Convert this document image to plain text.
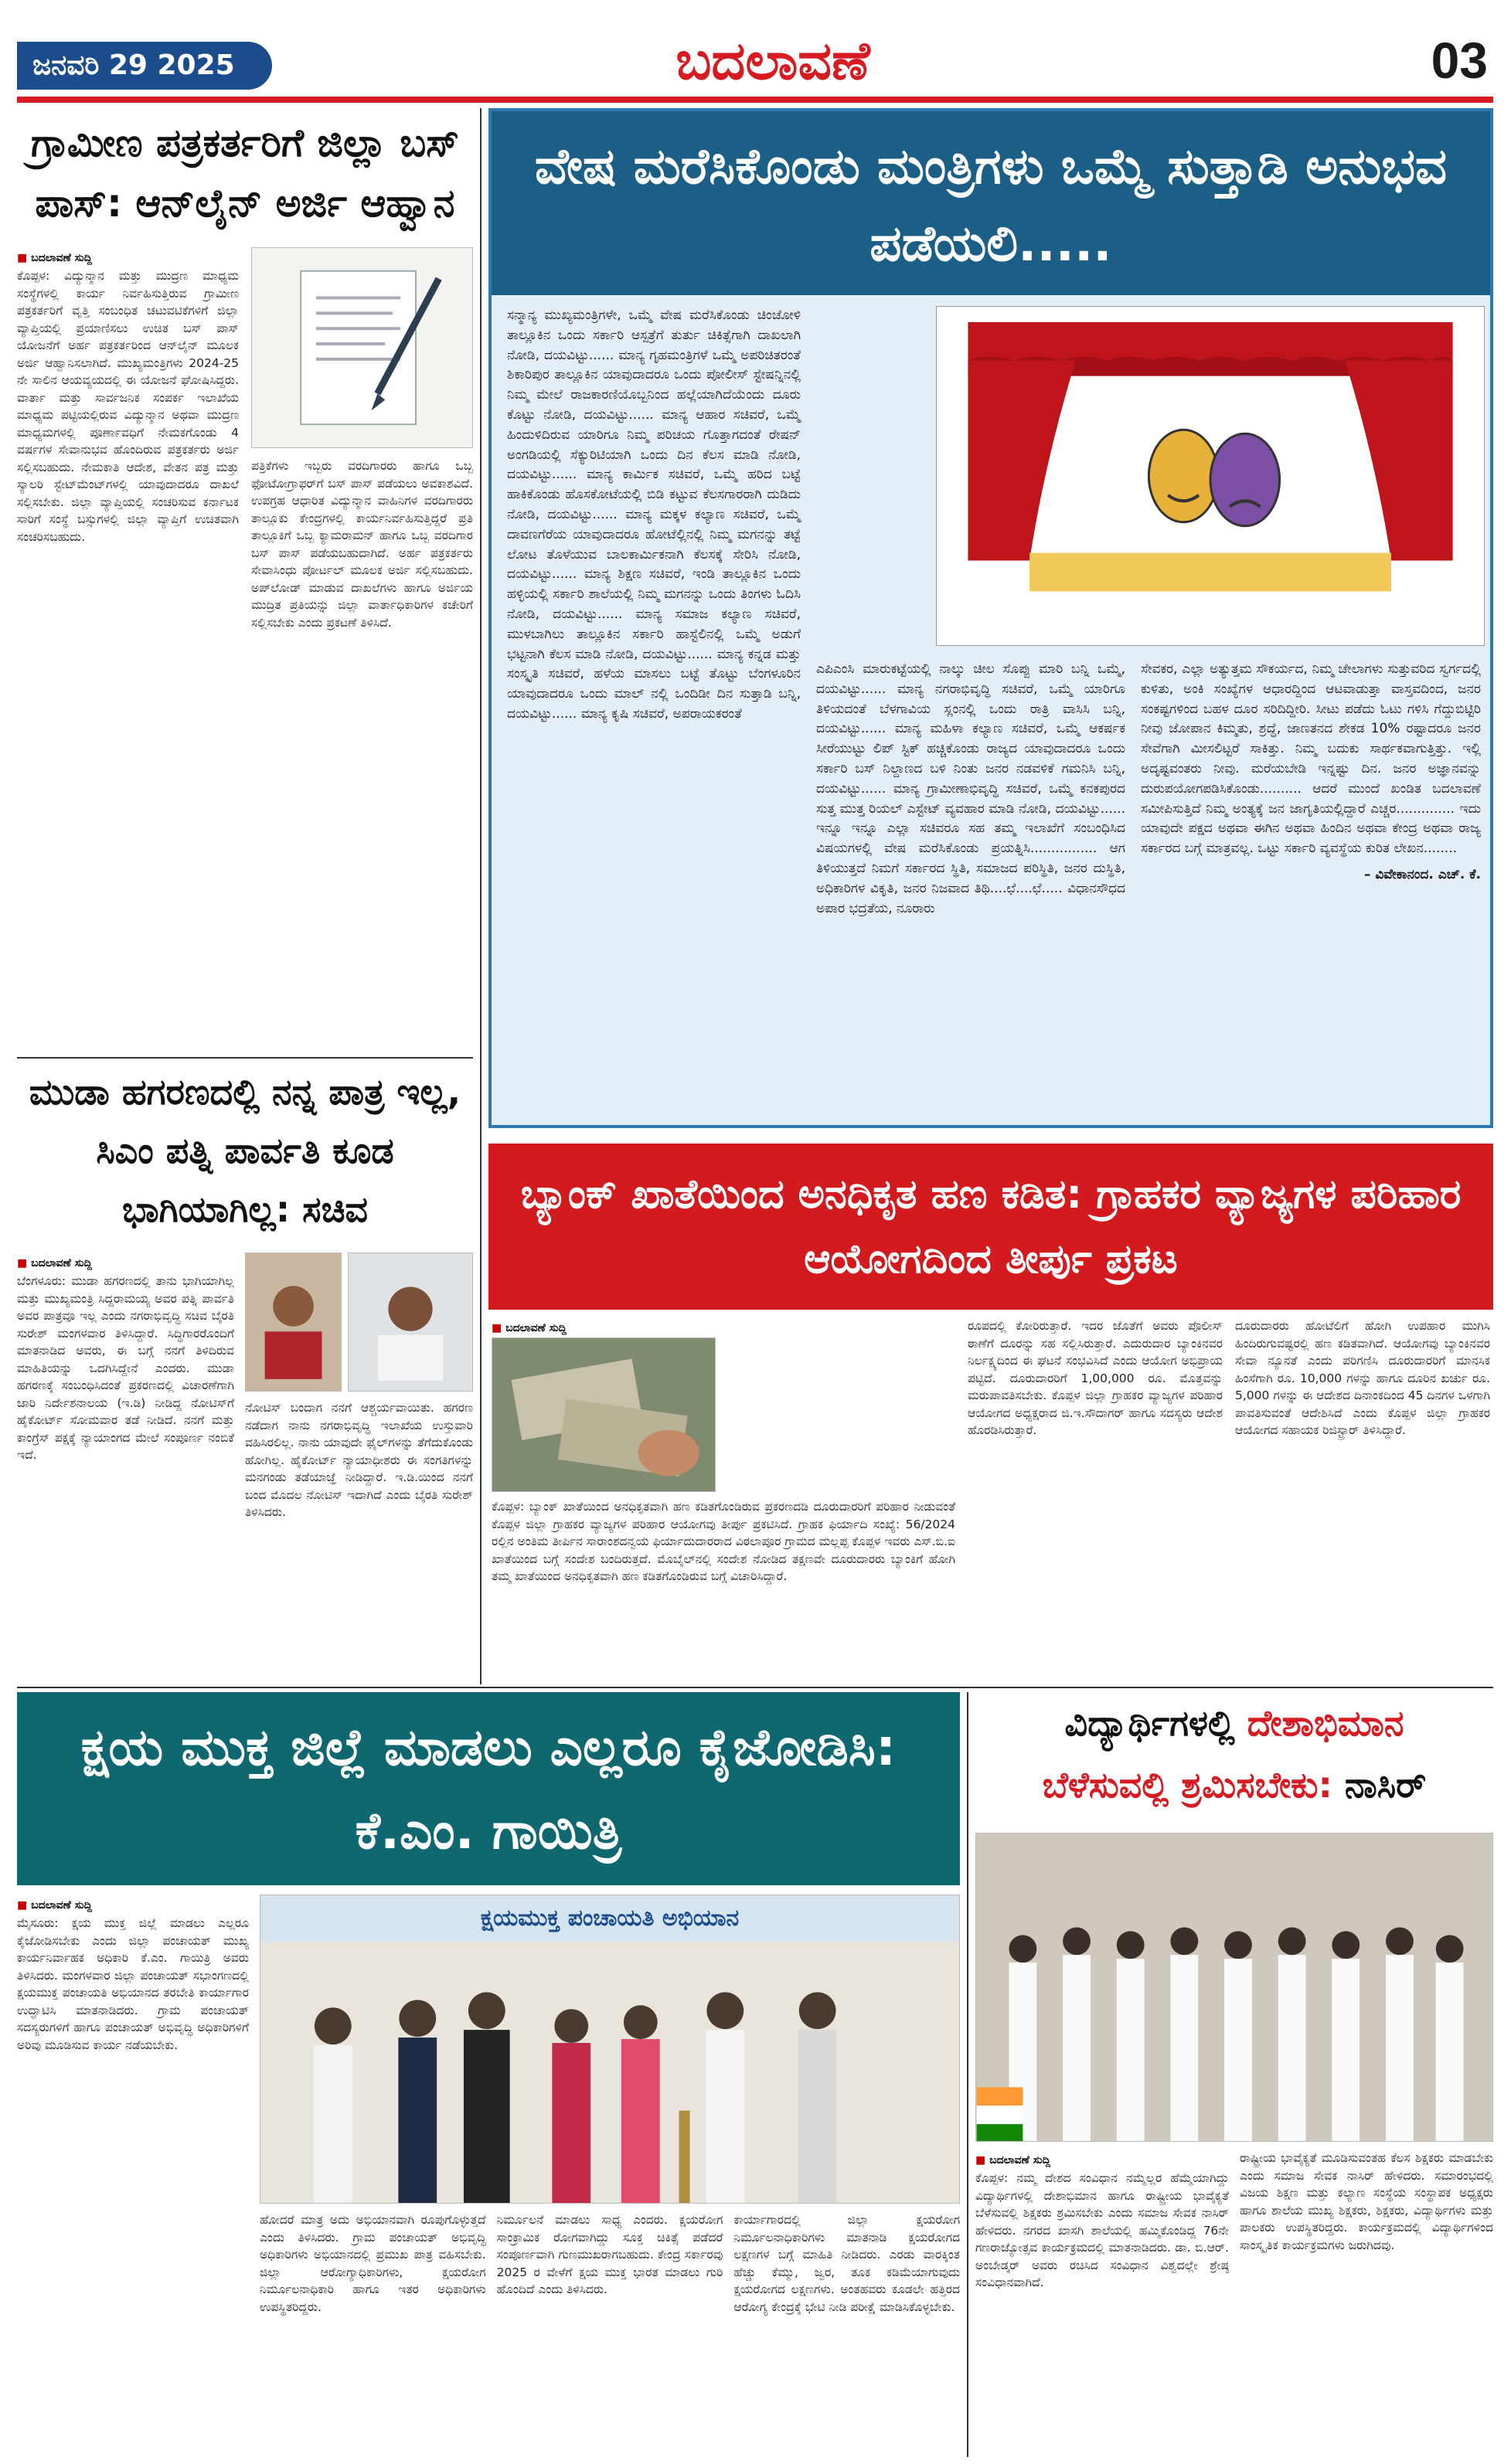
ಜನವರಿ 29 2025	ಬದಲಾವಣೆ	03
ಗ್ರಾಮೀಣ ಪತ್ರಕರ್ತರಿಗೆ ಜಿಲ್ಲಾ ಬಸ್ ಪಾಸ್: ಆನ್‌ಲೈನ್ ಅರ್ಜಿ ಆಹ್ವಾನ
■ ಬದಲಾವಣೆ ಸುದ್ದಿ
ಕೊಪ್ಪಳ: ವಿದ್ಯುನ್ಮಾನ ಮತ್ತು ಮುದ್ರಣ ಮಾಧ್ಯಮ ಸಂಸ್ಥೆಗಳಲ್ಲಿ ಕಾರ್ಯ ನಿರ್ವಹಿಸುತ್ತಿರುವ ಗ್ರಾಮೀಣ ಪತ್ರಕರ್ತರಿಗೆ ವೃತ್ತಿ ಸಂಬಂಧಿತ ಚಟುವಟಿಕೆಗಳಿಗೆ ಜಿಲ್ಲಾ ವ್ಯಾಪ್ತಿಯಲ್ಲಿ ಪ್ರಯಾಣಿಸಲು ಉಚಿತ ಬಸ್ ಪಾಸ್ ಯೋಜನೆಗೆ ಅರ್ಹ ಪತ್ರಕರ್ತರಿಂದ ಆನ್‌ಲೈನ್ ಮೂಲಕ ಅರ್ಜಿ ಆಹ್ವಾನಿಸಲಾಗಿದೆ. ಮುಖ್ಯಮಂತ್ರಿಗಳು 2024-25 ನೇ ಸಾಲಿನ ಆಯವ್ಯಯದಲ್ಲಿ ಈ ಯೋಜನೆ ಘೋಷಿಸಿದ್ದರು. ವಾರ್ತಾ ಮತ್ತು ಸಾರ್ವಜನಿಕ ಸಂಪರ್ಕ ಇಲಾಖೆಯ ಮಾಧ್ಯಮ ಪಟ್ಟಿಯಲ್ಲಿರುವ ವಿದ್ಯುನ್ಮಾನ ಅಥವಾ ಮುದ್ರಣ ಮಾಧ್ಯಮಗಳಲ್ಲಿ ಪೂರ್ಣಾವಧಿಗೆ ನೇಮಕಗೊಂಡು 4 ವರ್ಷಗಳ ಸೇವಾನುಭವ ಹೊಂದಿರುವ ಪತ್ರಕರ್ತರು ಅರ್ಜಿ ಸಲ್ಲಿಸಬಹುದು. ನೇಮಕಾತಿ ಆದೇಶ, ವೇತನ ಪತ್ರ ಮತ್ತು ಸ್ಯಾಲರಿ ಸ್ಟೇಟ್‌ಮೆಂಟ್‌ಗಳಲ್ಲಿ ಯಾವುದಾದರೂ ದಾಖಲೆ ಸಲ್ಲಿಸಬೇಕು. ಜಿಲ್ಲಾ ವ್ಯಾಪ್ತಿಯಲ್ಲಿ ಸಂಚರಿಸುವ ಕರ್ನಾಟಕ ಸಾರಿಗೆ ಸಂಸ್ಥೆ ಬಸ್ಸುಗಳಲ್ಲಿ ಜಿಲ್ಲಾ ವ್ಯಾಪ್ತಿಗೆ ಉಚಿತವಾಗಿ ಸಂಚರಿಸಬಹುದು.
ಪತ್ರಿಕೆಗಳು ಇಬ್ಬರು ವರದಿಗಾರರು ಹಾಗೂ ಒಬ್ಬ ಫೋಟೋಗ್ರಾಫರ್‌ಗೆ ಬಸ್ ಪಾಸ್ ಪಡೆಯಲು ಅವಕಾಶವಿದೆ. ಉಪಗ್ರಹ ಆಧಾರಿತ ವಿದ್ಯುನ್ಮಾನ ವಾಹಿನಿಗಳ ವರದಿಗಾರರು ತಾಲ್ಲೂಕು ಕೇಂದ್ರಗಳಲ್ಲಿ ಕಾರ್ಯನಿರ್ವಹಿಸುತ್ತಿದ್ದರೆ ಪ್ರತಿ ತಾಲ್ಲೂಕಿಗೆ ಒಬ್ಬ ಕ್ಯಾಮರಾಮನ್ ಹಾಗೂ ಒಬ್ಬ ವರದಿಗಾರ ಬಸ್ ಪಾಸ್ ಪಡೆಯಬಹುದಾಗಿದೆ. ಅರ್ಹ ಪತ್ರಕರ್ತರು ಸೇವಾಸಿಂಧು ಪೋರ್ಟಲ್ ಮೂಲಕ ಅರ್ಜಿ ಸಲ್ಲಿಸಬಹುದು. ಅಪ್‌ಲೋಡ್ ಮಾಡುವ ದಾಖಲೆಗಳು ಹಾಗೂ ಅರ್ಜಿಯ ಮುದ್ರಿತ ಪ್ರತಿಯನ್ನು ಜಿಲ್ಲಾ ವಾರ್ತಾಧಿಕಾರಿಗಳ ಕಚೇರಿಗೆ ಸಲ್ಲಿಸಬೇಕು ಎಂದು ಪ್ರಕಟಣೆ ತಿಳಿಸಿದೆ.
ವೇಷ ಮರೆಸಿಕೊಂಡು ಮಂತ್ರಿಗಳು ಒಮ್ಮೆ ಸುತ್ತಾಡಿ ಅನುಭವ ಪಡೆಯಲಿ.....
ಸನ್ಮಾನ್ಯ ಮುಖ್ಯಮಂತ್ರಿಗಳೇ, ಒಮ್ಮೆ ವೇಷ ಮರೆಸಿಕೊಂಡು ಚಿಂಚೋಳಿ ತಾಲ್ಲೂಕಿನ ಒಂದು ಸರ್ಕಾರಿ ಆಸ್ಪತ್ರೆಗೆ ತುರ್ತು ಚಿಕಿತ್ಸೆಗಾಗಿ ದಾಖಲಾಗಿ ನೋಡಿ, ದಯವಿಟ್ಟು...... ಮಾನ್ಯ ಗೃಹಮಂತ್ರಿಗಳೆ ಒಮ್ಮೆ ಅಪರಿಚಿತರಂತೆ ಶಿಕಾರಿಪುರ ತಾಲ್ಲೂಕಿನ ಯಾವುದಾದರೂ ಒಂದು ಪೋಲೀಸ್ ಸ್ಟೇಷನ್ನಿನಲ್ಲಿ ನಿಮ್ಮ ಮೇಲೆ ರಾಜಕಾರಣಿಯೊಬ್ಬನಿಂದ ಹಲ್ಲೆಯಾಗಿದೆಯೆಂದು ದೂರು ಕೊಟ್ಟು ನೋಡಿ, ದಯವಿಟ್ಟು...... ಮಾನ್ಯ ಆಹಾರ ಸಚಿವರೆ, ಒಮ್ಮೆ ಹಿಂದುಳಿದಿರುವ ಯಾರಿಗೂ ನಿಮ್ಮ ಪರಿಚಯ ಗೊತ್ತಾಗದಂತೆ ರೇಷನ್ ಅಂಗಡಿಯಲ್ಲಿ ಸೆಕ್ಯುರಿಟಿಯಾಗಿ ಒಂದು ದಿನ ಕೆಲಸ ಮಾಡಿ ನೋಡಿ, ದಯವಿಟ್ಟು...... ಮಾನ್ಯ ಕಾರ್ಮಿಕ ಸಚಿವರೆ, ಒಮ್ಮೆ ಹರಿದ ಬಟ್ಟೆ ಹಾಕಿಕೊಂಡು ಹೊಸಕೋಟೆಯಲ್ಲಿ ಬಿಡಿ ಕಟ್ಟುವ ಕೆಲಸಗಾರರಾಗಿ ದುಡಿದು ನೋಡಿ, ದಯವಿಟ್ಟು...... ಮಾನ್ಯ ಮಕ್ಕಳ ಕಲ್ಯಾಣ ಸಚಿವರೆ, ಒಮ್ಮೆ ದಾವಣಗೆರೆಯ ಯಾವುದಾದರೂ ಹೋಟೆಲ್ಲಿನಲ್ಲಿ ನಿಮ್ಮ ಮಗನನ್ನು ತಟ್ಟೆ ಲೋಟ ತೊಳೆಯುವ ಬಾಲಕಾರ್ಮಿಕನಾಗಿ ಕೆಲಸಕ್ಕೆ ಸೇರಿಸಿ ನೋಡಿ, ದಯವಿಟ್ಟು...... ಮಾನ್ಯ ಶಿಕ್ಷಣ ಸಚಿವರೆ, ಇಂಡಿ ತಾಲ್ಲೂಕಿನ ಒಂದು ಹಳ್ಳಿಯಲ್ಲಿ ಸರ್ಕಾರಿ ಶಾಲೆಯಲ್ಲಿ ನಿಮ್ಮ ಮಗನನ್ನು ಒಂದು ತಿಂಗಳು ಓದಿಸಿ ನೋಡಿ, ದಯವಿಟ್ಟು...... ಮಾನ್ಯ ಸಮಾಜ ಕಲ್ಯಾಣ ಸಚಿವರೆ, ಮುಳಬಾಗಿಲು ತಾಲ್ಲೂಕಿನ ಸರ್ಕಾರಿ ಹಾಸ್ಟೆಲಿನಲ್ಲಿ ಒಮ್ಮೆ ಅಡುಗೆ ಭಟ್ಟನಾಗಿ ಕೆಲಸ ಮಾಡಿ ನೋಡಿ, ದಯವಿಟ್ಟು...... ಮಾನ್ಯ ಕನ್ನಡ ಮತ್ತು ಸಂಸ್ಕೃತಿ ಸಚಿವರೆ, ಹಳೆಯ ಮಾಸಲು ಬಟ್ಟೆ ತೊಟ್ಟು ಬೆಂಗಳೂರಿನ ಯಾವುದಾದರೂ ಒಂದು ಮಾಲ್ ನಲ್ಲಿ ಒಂದಿಡೀ ದಿನ ಸುತ್ತಾಡಿ ಬನ್ನಿ, ದಯವಿಟ್ಟು...... ಮಾನ್ಯ ಕೃಷಿ ಸಚಿವರೆ, ಅಪರಾಯಕರಂತೆ
ಎಪಿಎಂಸಿ ಮಾರುಕಟ್ಟೆಯಲ್ಲಿ ನಾಲ್ಕು ಚೀಲ ಸೊಪ್ಪು ಮಾರಿ ಬನ್ನಿ ಒಮ್ಮೆ, ದಯವಿಟ್ಟು...... ಮಾನ್ಯ ನಗರಾಭಿವೃದ್ಧಿ ಸಚಿವರೆ, ಒಮ್ಮೆ ಯಾರಿಗೂ ತಿಳಿಯದಂತೆ ಬೆಳಗಾವಿಯ ಸ್ಲಂನಲ್ಲಿ ಒಂದು ರಾತ್ರಿ ವಾಸಿಸಿ ಬನ್ನಿ, ದಯವಿಟ್ಟು...... ಮಾನ್ಯ ಮಹಿಳಾ ಕಲ್ಯಾಣ ಸಚಿವರೆ, ಒಮ್ಮೆ ಆಕರ್ಷಕ ಸೀರೆಯುಟ್ಟು ಲಿಪ್ ಸ್ಟಿಕ್ ಹಚ್ಚಿಕೊಂಡು ರಾಜ್ಯದ ಯಾವುದಾದರೂ ಒಂದು ಸರ್ಕಾರಿ ಬಸ್ ನಿಲ್ದಾಣದ ಬಳಿ ನಿಂತು ಜನರ ನಡವಳಿಕೆ ಗಮನಿಸಿ ಬನ್ನಿ, ದಯವಿಟ್ಟು...... ಮಾನ್ಯ ಗ್ರಾಮೀಣಾಭಿವೃದ್ಧಿ ಸಚಿವರೆ, ಒಮ್ಮೆ ಕನಕಪುರದ ಸುತ್ತ ಮುತ್ತ ರಿಯಲ್ ಎಸ್ಟೇಟ್ ವ್ಯವಹಾರ ಮಾಡಿ ನೋಡಿ, ದಯವಿಟ್ಟು...... ಇನ್ನೂ ಇನ್ನೂ ಎಲ್ಲಾ ಸಚಿವರೂ ಸಹ ತಮ್ಮ ಇಲಾಖೆಗೆ ಸಂಬಂಧಿಸಿದ ವಿಷಯಗಳಲ್ಲಿ ವೇಷ ಮರೆಸಿಕೊಂಡು ಪ್ರಯತ್ನಿಸಿ................ ಆಗ ತಿಳಿಯುತ್ತದೆ ನಿಮಗೆ ಸರ್ಕಾರದ ಸ್ಥಿತಿ, ಸಮಾಜದ ಪರಿಸ್ಥಿತಿ, ಜನರ ದುಸ್ಥಿತಿ, ಅಧಿಕಾರಿಗಳ ವಿಕೃತಿ, ಜನರ ನಿಜವಾದ ತಿಥಿ....ಛೆ....ಛೆ..... ವಿಧಾನಸೌಧದ ಅಪಾರ ಭದ್ರತೆಯ, ನೂರಾರು
ಸೇವಕರ, ಎಲ್ಲಾ ಅತ್ಯುತ್ತಮ ಸೌಕರ್ಯದ, ನಿಮ್ಮ ಚೇಲಾಗಳು ಸುತ್ತುವರಿದ ಸ್ವರ್ಗದಲ್ಲಿ ಕುಳಿತು, ಅಂಕಿ ಸಂಖ್ಯೆಗಳ ಆಧಾರದ್ದಿಂದ ಆಟವಾಡುತ್ತಾ ವಾಸ್ತವದಿಂದ, ಜನರ ಸಂಕಷ್ಟಗಳಿಂದ ಬಹಳ ದೂರ ಸರಿದಿದ್ದೀರಿ. ಸೀಟು ಪಡೆದು ಓಟು ಗಳಿಸಿ ಗೆದ್ದುಬಿಟ್ಟಿರಿ ನೀವು ಜೋಪಾನ ಕಿಮ್ಮತು, ಶ್ರದ್ಧೆ, ಜಾಣತನದ ಶೇಕಡ 10% ರಷ್ಟಾದರೂ ಜನರ ಸೇವೆಗಾಗಿ ಮೀಸಲಿಟ್ಟರೆ ಸಾಕಿತ್ತು. ನಿಮ್ಮ ಬದುಕು ಸಾರ್ಥಕವಾಗುತ್ತಿತ್ತು. ಇಲ್ಲಿ ಅದೃಷ್ಟವಂತರು ನೀವು. ಮರೆಯಬೇಡಿ ಇನ್ನಷ್ಟು ದಿನ. ಜನರ ಅಜ್ಞಾನವನ್ನು ದುರುಪಯೋಗಪಡಿಸಿಕೊಂಡು.......... ಆದರೆ ಮುಂದೆ ಖಂಡಿತ ಬದಲಾವಣೆ ಸಮೀಪಿಸುತ್ತಿದೆ ನಿಮ್ಮ ಅಂತ್ಯಕ್ಕೆ ಜನ ಜಾಗೃತಿಯಲ್ಲಿದ್ದಾರೆ ಎಚ್ಚರ.............. ಇದು ಯಾವುದೇ ಪಕ್ಷದ ಅಥವಾ ಈಗಿನ ಅಥವಾ ಹಿಂದಿನ ಅಥವಾ ಕೇಂದ್ರ ಅಥವಾ ರಾಜ್ಯ ಸರ್ಕಾರದ ಬಗ್ಗೆ ಮಾತ್ರವಲ್ಲ. ಒಟ್ಟು ಸರ್ಕಾರಿ ವ್ಯವಸ್ಥೆಯ ಕುರಿತ ಲೇಖನ........
– ವಿವೇಕಾನಂದ. ಎಚ್. ಕೆ.
ಮುಡಾ ಹಗರಣದಲ್ಲಿ ನನ್ನ ಪಾತ್ರ ಇಲ್ಲ, ಸಿಎಂ ಪತ್ನಿ ಪಾರ್ವತಿ ಕೂಡ ಭಾಗಿಯಾಗಿಲ್ಲ: ಸಚಿವ
■ ಬದಲಾವಣೆ ಸುದ್ದಿ
ಬೆಂಗಳೂರು: ಮುಡಾ ಹಗರಣದಲ್ಲಿ ತಾನು ಭಾಗಿಯಾಗಿಲ್ಲ ಮತ್ತು ಮುಖ್ಯಮಂತ್ರಿ ಸಿದ್ದರಾಮಯ್ಯ ಅವರ ಪತ್ನಿ ಪಾರ್ವತಿ ಅವರ ಪಾತ್ರವೂ ಇಲ್ಲ ಎಂದು ನಗರಾಭಿವೃದ್ಧಿ ಸಚಿವ ಬೈರತಿ ಸುರೇಶ್ ಮಂಗಳವಾರ ತಿಳಿಸಿದ್ದಾರೆ. ಸಿದ್ಧಿಗಾರರೊಂದಿಗೆ ಮಾತನಾಡಿದ ಅವರು, ಈ ಬಗ್ಗೆ ನನಗೆ ತಿಳಿದಿರುವ ಮಾಹಿತಿಯನ್ನು ಒದಗಿಸಿದ್ದೇನೆ ಎಂದರು. ಮುಡಾ ಹಗರಣಕ್ಕೆ ಸಂಬಂಧಿಸಿದಂತೆ ಪ್ರಕರಣದಲ್ಲಿ ವಿಚಾರಣೆಗಾಗಿ ಜಾರಿ ನಿರ್ದೇಶನಾಲಯ (ಇ.ಡಿ) ನೀಡಿದ್ದ ನೋಟಿಸ್‌ಗೆ ಹೈಕೋರ್ಟ್ ಸೋಮವಾರ ತಡೆ ನೀಡಿದೆ. ನನಗೆ ಮತ್ತು ಕಾಂಗ್ರೆಸ್ ಪಕ್ಷಕ್ಕೆ ನ್ಯಾಯಾಂಗದ ಮೇಲೆ ಸಂಪೂರ್ಣ ನಂಬಿಕೆ ಇದೆ.
ನೋಟಿಸ್ ಬಂದಾಗ ನನಗೆ ಆಶ್ಚರ್ಯವಾಯಿತು. ಹಗರಣ ನಡೆದಾಗ ನಾನು ನಗರಾಭಿವೃದ್ಧಿ ಇಲಾಖೆಯ ಉಸ್ತುವಾರಿ ವಹಿಸಿರಲಿಲ್ಲ. ನಾನು ಯಾವುದೇ ಫೈಲ್‌ಗಳನ್ನು ತೆಗೆದುಕೊಂಡು ಹೋಗಿಲ್ಲ. ಹೈಕೋರ್ಟ್ ನ್ಯಾಯಾಧೀಶರು ಈ ಸಂಗತಿಗಳನ್ನು ಮನಗಂಡು ತಡೆಯಾಜ್ಞೆ ನೀಡಿದ್ದಾರೆ. ಇ.ಡಿ.ಯಿಂದ ನನಗೆ ಬಂದ ಮೊದಲ ನೋಟಿಸ್ ಇದಾಗಿದೆ ಎಂದು ಬೈರತಿ ಸುರೇಶ್ ತಿಳಿಸಿದರು.
ಬ್ಯಾಂಕ್ ಖಾತೆಯಿಂದ ಅನಧಿಕೃತ ಹಣ ಕಡಿತ: ಗ್ರಾಹಕರ ವ್ಯಾಜ್ಯಗಳ ಪರಿಹಾರ ಆಯೋಗದಿಂದ ತೀರ್ಪು ಪ್ರಕಟ
■ ಬದಲಾವಣೆ ಸುದ್ದಿ
ಕೊಪ್ಪಳ: ಬ್ಯಾಂಕ್ ಖಾತೆಯಿಂದ ಅನಧಿಕೃತವಾಗಿ ಹಣ ಕಡಿತಗೊಂಡಿರುವ ಪ್ರಕರಣದಡಿ ದೂರುದಾರರಿಗೆ ಪರಿಹಾರ ನೀಡುವಂತೆ ಕೊಪ್ಪಳ ಜಿಲ್ಲಾ ಗ್ರಾಹಕರ ವ್ಯಾಜ್ಯಗಳ ಪರಿಹಾರ ಆಯೋಗವು ತೀರ್ಪು ಪ್ರಕಟಿಸಿದೆ. ಗ್ರಾಹಕ ಫಿರ್ಯಾದಿ ಸಂಖ್ಯೆ: 56/2024 ರಲ್ಲಿನ ಅಂತಿಮ ತೀರ್ಪಿನ ಸಾರಾಂಶದನ್ವಯ ಫಿರ್ಯಾದುದಾರರಾದ ವಿಠಲಾಪೂರ ಗ್ರಾಮದ ಮಲ್ಲಪ್ಪ ಕೊಪ್ಪಳ ಇವರು ಎಸ್.ಬಿ.ಐ ಖಾತೆಯಿಂದ ಬಗ್ಗೆ ಸಂದೇಶ ಬಂದಿರುತ್ತದೆ. ಮೊಬೈಲ್‌ನಲ್ಲಿ ಸಂದೇಶ ನೋಡಿದ ತಕ್ಷಣವೇ ದೂರುದಾರರು ಬ್ಯಾಂಕಿಗೆ ಹೋಗಿ ತಮ್ಮ ಖಾತೆಯಿಂದ ಅನಧಿಕೃತವಾಗಿ ಹಣ ಕಡಿತಗೊಂಡಿರುವ ಬಗ್ಗೆ ವಿಚಾರಿಸಿದ್ದಾರೆ.
ರೂಪದಲ್ಲಿ ಕೋರಿರುತ್ತಾರೆ. ಇದರ ಜೊತೆಗೆ ಅವರು ಪೊಲೀಸ್ ಠಾಣೆಗೆ ದೂರನ್ನು ಸಹ ಸಲ್ಲಿಸಿರುತ್ತಾರೆ. ಎದುರುದಾರ ಬ್ಯಾಂಕಿನವರ ನಿರ್ಲಕ್ಷ್ಯದಿಂದ ಈ ಘಟನೆ ಸಂಭವಿಸಿದೆ ಎಂದು ಆಯೋಗ ಅಭಿಪ್ರಾಯ ಪಟ್ಟಿದೆ. ದೂರುದಾರರಿಗೆ 1,00,000 ರೂ. ಮೊತ್ತವನ್ನು ಮರುಪಾವತಿಸಬೇಕು. ಕೊಪ್ಪಳ ಜಿಲ್ಲಾ ಗ್ರಾಹಕರ ವ್ಯಾಜ್ಯಗಳ ಪರಿಹಾರ ಆಯೋಗದ ಅಧ್ಯಕ್ಷರಾದ ಜಿ.ಇ.ಸೌದಾಗರ್ ಹಾಗೂ ಸದಸ್ಯರು ಆದೇಶ ಹೊರಡಿಸಿರುತ್ತಾರೆ.
ದೂರುದಾರರು ಹೋಟೆಲಿಗೆ ಹೋಗಿ ಉಪಹಾರ ಮುಗಿಸಿ ಹಿಂದಿರುಗುವಷ್ಟರಲ್ಲಿ ಹಣ ಕಡಿತವಾಗಿದೆ. ಆಯೋಗವು ಬ್ಯಾಂಕಿನವರ ಸೇವಾ ನ್ಯೂನತೆ ಎಂದು ಪರಿಗಣಿಸಿ ದೂರುದಾರರಿಗೆ ಮಾನಸಿಕ ಹಿಂಸೆಗಾಗಿ ರೂ. 10,000 ಗಳನ್ನು ಹಾಗೂ ದೂರಿನ ಖರ್ಚು ರೂ. 5,000 ಗಳನ್ನು ಈ ಆದೇಶದ ದಿನಾಂಕದಿಂದ 45 ದಿನಗಳ ಒಳಗಾಗಿ ಪಾವತಿಸುವಂತೆ ಆದೇಶಿಸಿದೆ ಎಂದು ಕೊಪ್ಪಳ ಜಿಲ್ಲಾ ಗ್ರಾಹಕರ ಆಯೋಗದ ಸಹಾಯಕ ರಿಜಿಸ್ಟ್ರಾರ್ ತಿಳಿಸಿದ್ದಾರೆ.
ಕ್ಷಯ ಮುಕ್ತ ಜಿಲ್ಲೆ ಮಾಡಲು ಎಲ್ಲರೂ ಕೈಜೋಡಿಸಿ: ಕೆ.ಎಂ. ಗಾಯಿತ್ರಿ
■ ಬದಲಾವಣೆ ಸುದ್ದಿ
ಮೈಸೂರು: ಕ್ಷಯ ಮುಕ್ತ ಜಿಲ್ಲೆ ಮಾಡಲು ಎಲ್ಲರೂ ಕೈಜೋಡಿಸಬೇಕು ಎಂದು ಜಿಲ್ಲಾ ಪಂಚಾಯತ್ ಮುಖ್ಯ ಕಾರ್ಯನಿರ್ವಾಹಕ ಅಧಿಕಾರಿ ಕೆ.ಎಂ. ಗಾಯಿತ್ರಿ ಅವರು ತಿಳಿಸಿದರು. ಮಂಗಳವಾರ ಜಿಲ್ಲಾ ಪಂಚಾಯತ್ ಸಭಾಂಗಣದಲ್ಲಿ ಕ್ಷಯಮುಕ್ತ ಪಂಚಾಯತಿ ಅಭಿಯಾನದ ತರಬೇತಿ ಕಾರ್ಯಾಗಾರ ಉದ್ಘಾಟಿಸಿ ಮಾತನಾಡಿದರು. ಗ್ರಾಮ ಪಂಚಾಯತ್ ಸದಸ್ಯರುಗಳಿಗೆ ಹಾಗೂ ಪಂಚಾಯತ್ ಅಭಿವೃದ್ಧಿ ಅಧಿಕಾರಿಗಳಿಗೆ ಅರಿವು ಮೂಡಿಸುವ ಕಾರ್ಯ ನಡೆಯಬೇಕು.
ಕ್ಷಯಮುಕ್ತ ಪಂಚಾಯತಿ ಅಭಿಯಾನ
ಹೋದರೆ ಮಾತ್ರ ಅದು ಅಭಿಯಾನವಾಗಿ ರೂಪುಗೊಳ್ಳುತ್ತದೆ ಎಂದು ತಿಳಿಸಿದರು. ಗ್ರಾಮ ಪಂಚಾಯತ್ ಅಭಿವೃದ್ಧಿ ಅಧಿಕಾರಿಗಳು ಅಭಿಯಾನದಲ್ಲಿ ಪ್ರಮುಖ ಪಾತ್ರ ವಹಿಸಬೇಕು. ಜಿಲ್ಲಾ ಆರೋಗ್ಯಾಧಿಕಾರಿಗಳು, ಕ್ಷಯರೋಗ ನಿರ್ಮೂಲನಾಧಿಕಾರಿ ಹಾಗೂ ಇತರ ಅಧಿಕಾರಿಗಳು ಉಪಸ್ಥಿತರಿದ್ದರು.
ನಿರ್ಮೂಲನೆ ಮಾಡಲು ಸಾಧ್ಯ ಎಂದರು. ಕ್ಷಯರೋಗ ಸಾಂಕ್ರಾಮಿಕ ರೋಗವಾಗಿದ್ದು ಸೂಕ್ತ ಚಿಕಿತ್ಸೆ ಪಡೆದರೆ ಸಂಪೂರ್ಣವಾಗಿ ಗುಣಮುಖರಾಗಬಹುದು. ಕೇಂದ್ರ ಸರ್ಕಾರವು 2025 ರ ವೇಳೆಗೆ ಕ್ಷಯ ಮುಕ್ತ ಭಾರತ ಮಾಡಲು ಗುರಿ ಹೊಂದಿದೆ ಎಂದು ತಿಳಿಸಿದರು.
ಕಾರ್ಯಾಗಾರದಲ್ಲಿ ಜಿಲ್ಲಾ ಕ್ಷಯರೋಗ ನಿರ್ಮೂಲನಾಧಿಕಾರಿಗಳು ಮಾತನಾಡಿ ಕ್ಷಯರೋಗದ ಲಕ್ಷಣಗಳ ಬಗ್ಗೆ ಮಾಹಿತಿ ನೀಡಿದರು. ಎರಡು ವಾರಕ್ಕಿಂತ ಹೆಚ್ಚು ಕೆಮ್ಮು, ಜ್ವರ, ತೂಕ ಕಡಿಮೆಯಾಗುವುದು ಕ್ಷಯರೋಗದ ಲಕ್ಷಣಗಳು. ಅಂತಹವರು ಕೂಡಲೇ ಹತ್ತಿರದ ಆರೋಗ್ಯ ಕೇಂದ್ರಕ್ಕೆ ಭೇಟಿ ನೀಡಿ ಪರೀಕ್ಷೆ ಮಾಡಿಸಿಕೊಳ್ಳಬೇಕು.
ವಿದ್ಯಾರ್ಥಿಗಳಲ್ಲಿ ದೇಶಾಭಿಮಾನ
ಬೆಳೆಸುವಲ್ಲಿ ಶ್ರಮಿಸಬೇಕು: ನಾಸಿರ್
■ ಬದಲಾವಣೆ ಸುದ್ದಿ
ಕೊಪ್ಪಳ: ನಮ್ಮ ದೇಶದ ಸಂವಿಧಾನ ನಮ್ಮೆಲ್ಲರ ಹೆಮ್ಮೆಯಾಗಿದ್ದು ವಿದ್ಯಾರ್ಥಿಗಳಲ್ಲಿ ದೇಶಾಭಿಮಾನ ಹಾಗೂ ರಾಷ್ಟ್ರೀಯ ಭಾವೈಕ್ಯತೆ ಬೆಳೆಸುವಲ್ಲಿ ಶಿಕ್ಷಕರು ಶ್ರಮಿಸಬೇಕು ಎಂದು ಸಮಾಜ ಸೇವಕ ನಾಸಿರ್ ಹೇಳಿದರು. ನಗರದ ಖಾಸಗಿ ಶಾಲೆಯಲ್ಲಿ ಹಮ್ಮಿಕೊಂಡಿದ್ದ 76ನೇ ಗಣರಾಜ್ಯೋತ್ಸವ ಕಾರ್ಯಕ್ರಮದಲ್ಲಿ ಮಾತನಾಡಿದರು. ಡಾ. ಬಿ.ಆರ್. ಅಂಬೇಡ್ಕರ್ ಅವರು ರಚಿಸಿದ ಸಂವಿಧಾನ ವಿಶ್ವದಲ್ಲೇ ಶ್ರೇಷ್ಠ ಸಂವಿಧಾನವಾಗಿದೆ.
ರಾಷ್ಟ್ರೀಯ ಭಾವೈಕ್ಯತೆ ಮೂಡಿಸುವಂತಹ ಕೆಲಸ ಶಿಕ್ಷಕರು ಮಾಡಬೇಕು ಎಂದು ಸಮಾಜ ಸೇವಕ ನಾಸಿರ್ ಹೇಳಿದರು. ಸಮಾರಂಭದಲ್ಲಿ ವಿಜಯ ಶಿಕ್ಷಣ ಮತ್ತು ಕಲ್ಯಾಣ ಸಂಸ್ಥೆಯ ಸಂಸ್ಥಾಪಕ ಅಧ್ಯಕ್ಷರು ಹಾಗೂ ಶಾಲೆಯ ಮುಖ್ಯ ಶಿಕ್ಷಕರು, ಶಿಕ್ಷಕರು, ವಿದ್ಯಾರ್ಥಿಗಳು ಮತ್ತು ಪಾಲಕರು ಉಪಸ್ಥಿತರಿದ್ದರು. ಕಾರ್ಯಕ್ರಮದಲ್ಲಿ ವಿದ್ಯಾರ್ಥಿಗಳಿಂದ ಸಾಂಸ್ಕೃತಿಕ ಕಾರ್ಯಕ್ರಮಗಳು ಜರುಗಿದವು.
